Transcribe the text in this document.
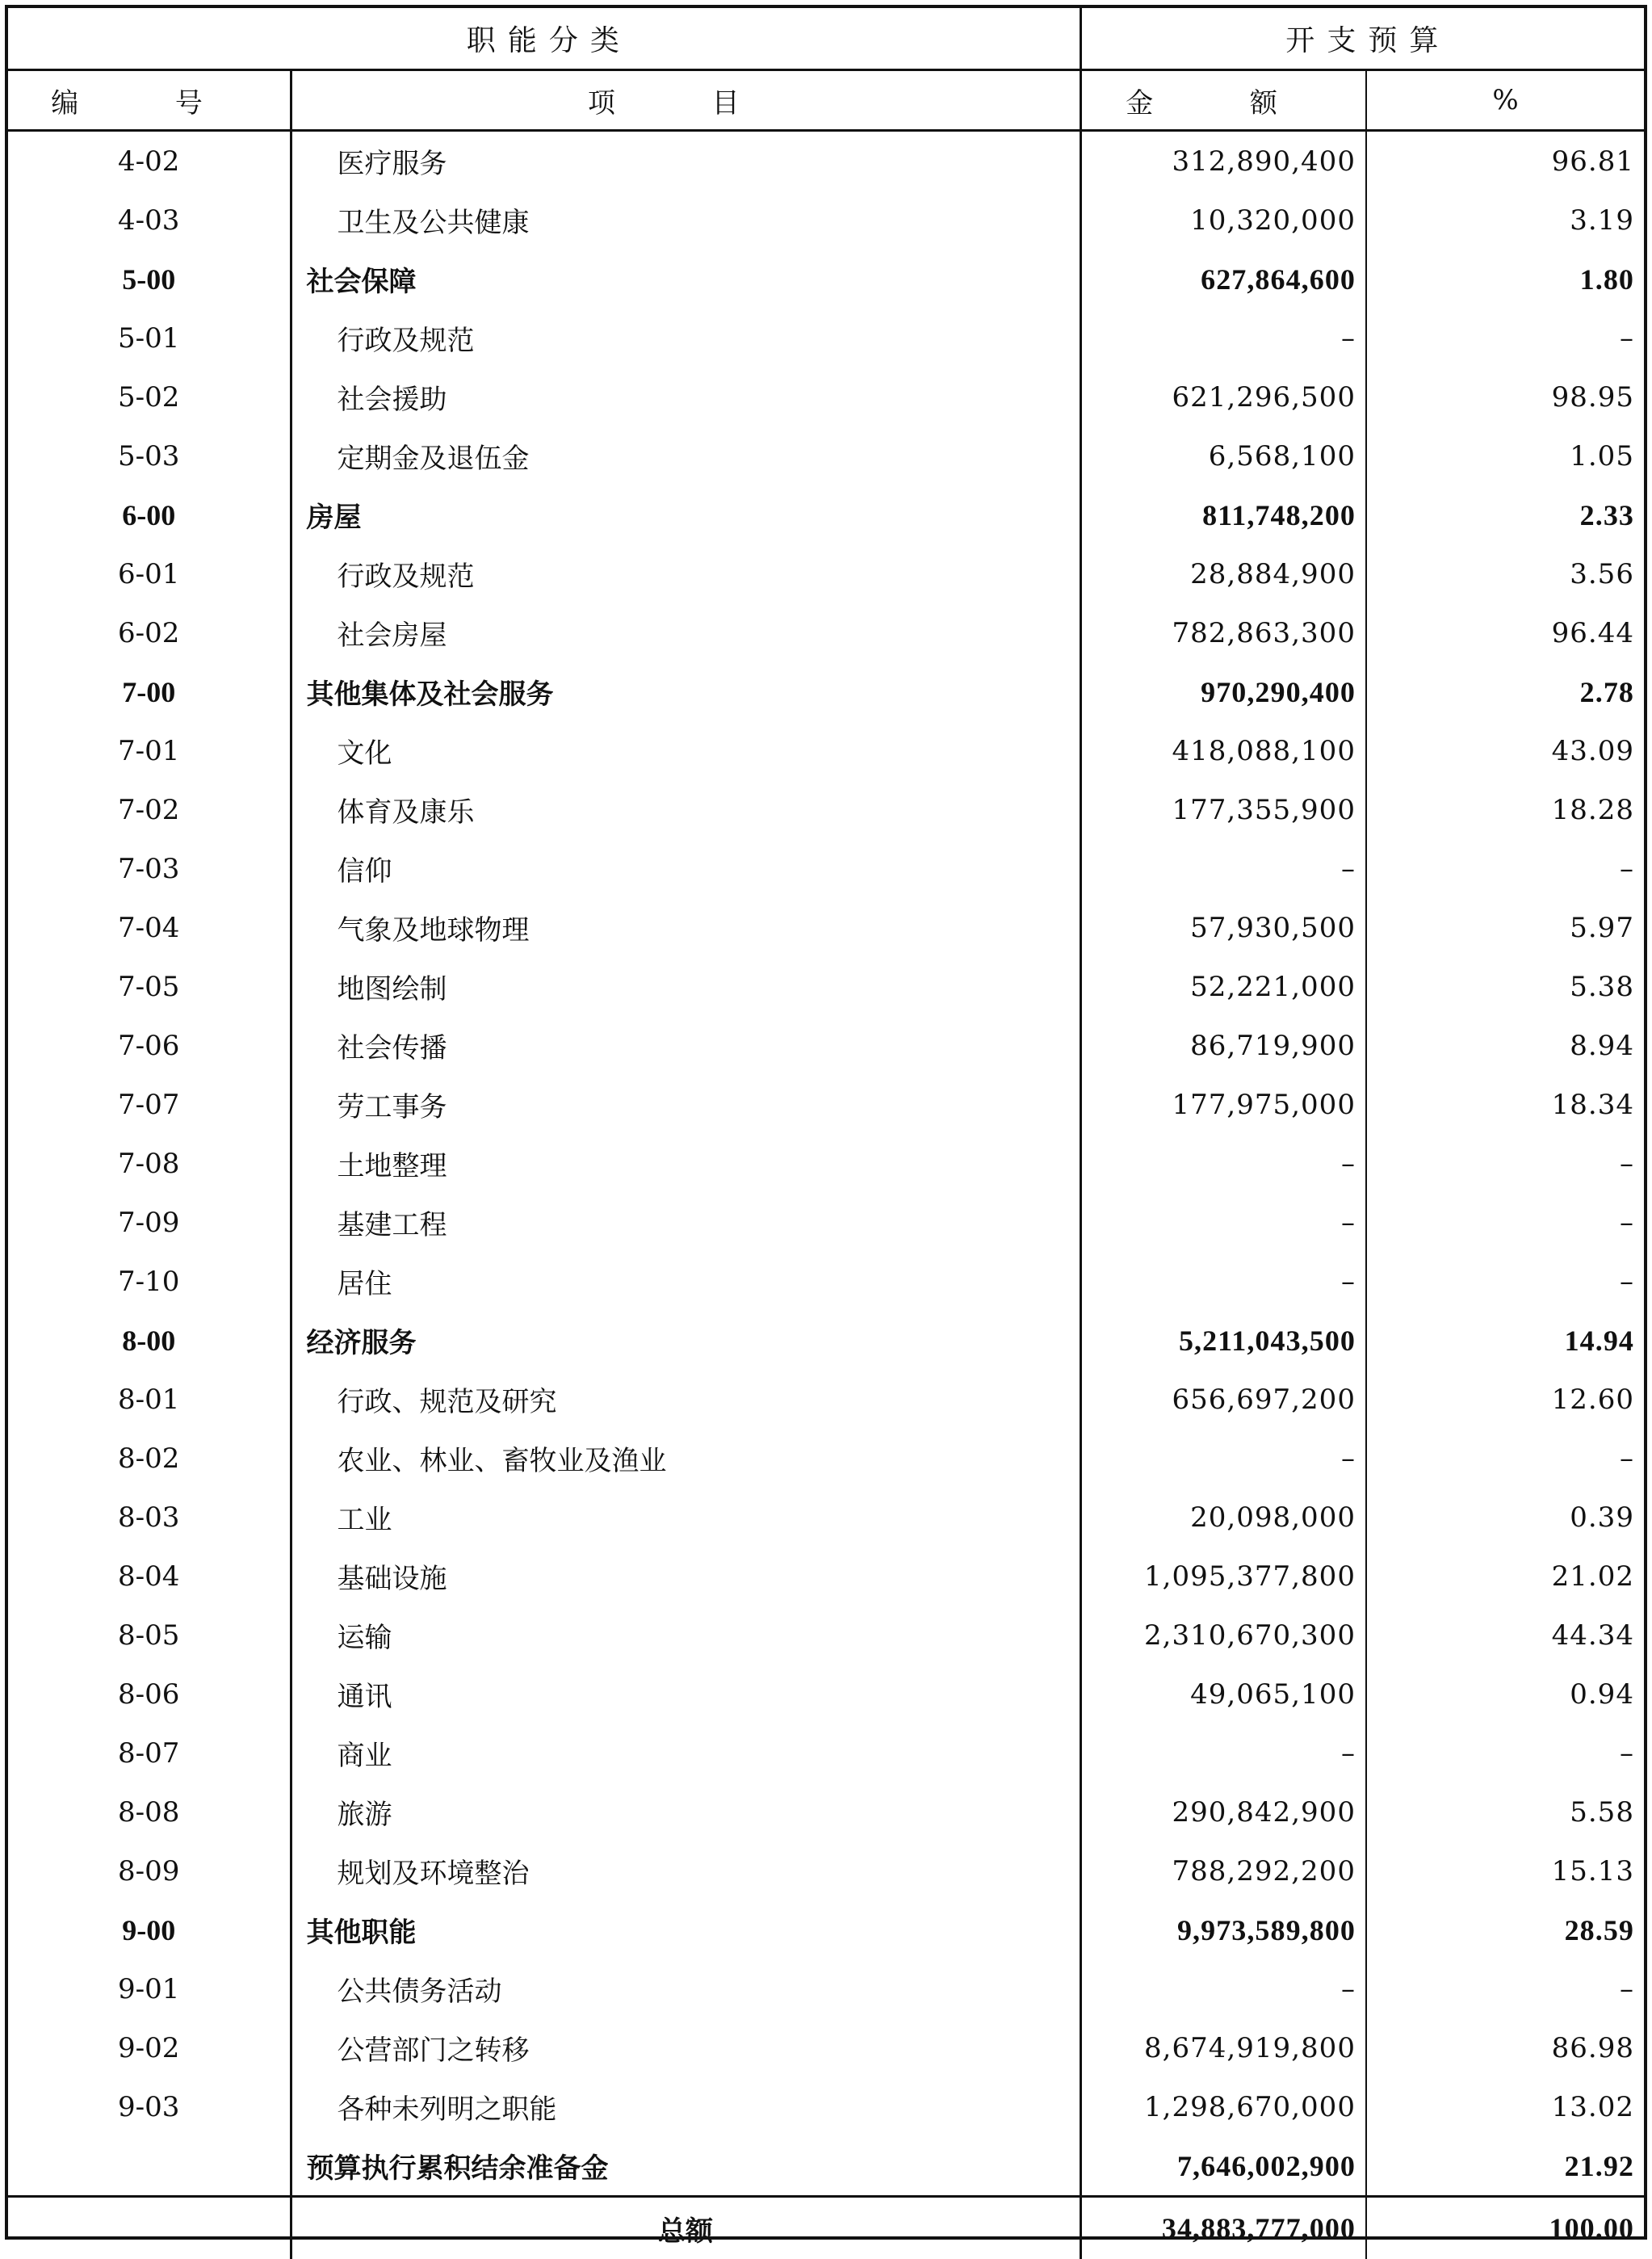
职 能 分 类		开 支 预 算	
编 号	项 目	金 额	%
4-02	医疗服务	312,890,400	96.81
4-03	卫生及公共健康	10,320,000	3.19
5-00	社会保障	627,864,600	1.80
5-01	行政及规范	–	–
5-02	社会援助	621,296,500	98.95
5-03	定期金及退伍金	6,568,100	1.05
6-00	房屋	811,748,200	2.33
6-01	行政及规范	28,884,900	3.56
6-02	社会房屋	782,863,300	96.44
7-00	其他集体及社会服务	970,290,400	2.78
7-01	文化	418,088,100	43.09
7-02	体育及康乐	177,355,900	18.28
7-03	信仰	–	–
7-04	气象及地球物理	57,930,500	5.97
7-05	地图绘制	52,221,000	5.38
7-06	社会传播	86,719,900	8.94
7-07	劳工事务	177,975,000	18.34
7-08	土地整理	–	–
7-09	基建工程	–	–
7-10	居住	–	–
8-00	经济服务	5,211,043,500	14.94
8-01	行政、规范及研究	656,697,200	12.60
8-02	农业、林业、畜牧业及渔业	–	–
8-03	工业	20,098,000	0.39
8-04	基础设施	1,095,377,800	21.02
8-05	运输	2,310,670,300	44.34
8-06	通讯	49,065,100	0.94
8-07	商业	–	–
8-08	旅游	290,842,900	5.58
8-09	规划及环境整治	788,292,200	15.13
9-00	其他职能	9,973,589,800	28.59
9-01	公共债务活动	–	–
9-02	公营部门之转移	8,674,919,800	86.98
9-03	各种未列明之职能	1,298,670,000	13.02
	预算执行累积结余准备金	7,646,002,900	21.92
	总额	34,883,777,000	100.00
